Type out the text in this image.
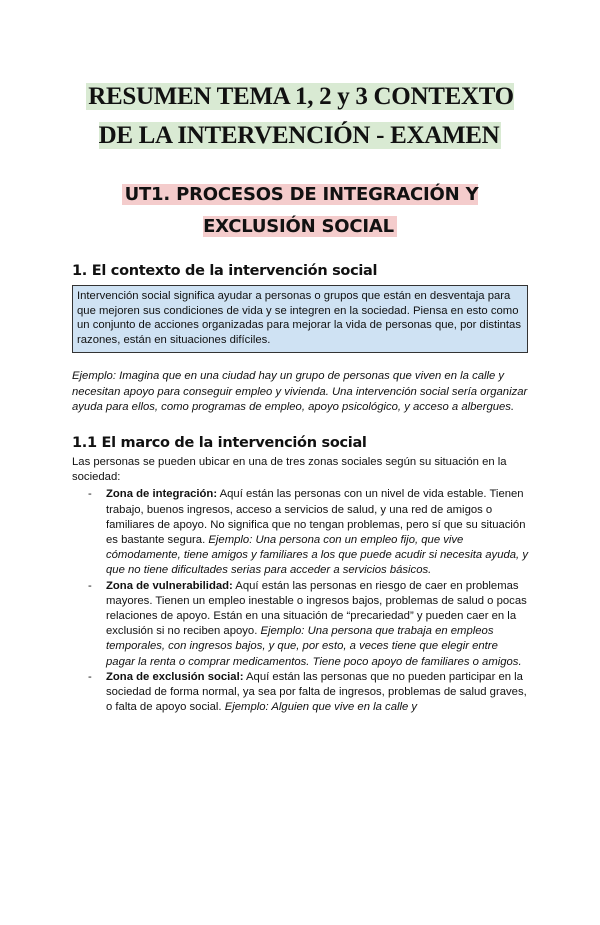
RESUMEN TEMA 1, 2 y 3 CONTEXTO DE LA INTERVENCIÓN - EXAMEN
UT1. PROCESOS DE INTEGRACIÓN Y EXCLUSIÓN SOCIAL
1. El contexto de la intervención social
Intervención social significa ayudar a personas o grupos que están en desventaja para que mejoren sus condiciones de vida y se integren en la sociedad. Piensa en esto como un conjunto de acciones organizadas para mejorar la vida de personas que, por distintas razones, están en situaciones difíciles.

Ejemplo: Imagina que en una ciudad hay un grupo de personas que viven en la calle y necesitan apoyo para conseguir empleo y vivienda. Una intervención social sería organizar ayuda para ellos, como programas de empleo, apoyo psicológico, y acceso a albergues.

1.1 El marco de la intervención social

Las personas se pueden ubicar en una de tres zonas sociales según su situación en la sociedad:

- Zona de integración: Aquí están las personas con un nivel de vida estable. Tienen trabajo, buenos ingresos, acceso a servicios de salud, y una red de amigos o familiares de apoyo. No significa que no tengan problemas, pero sí que su situación es bastante segura. Ejemplo: Una persona con un empleo fijo, que vive cómodamente, tiene amigos y familiares a los que puede acudir si necesita ayuda, y que no tiene dificultades serias para acceder a servicios básicos.
- Zona de vulnerabilidad: Aquí están las personas en riesgo de caer en problemas mayores. Tienen un empleo inestable o ingresos bajos, problemas de salud o pocas relaciones de apoyo. Están en una situación de “precariedad” y pueden caer en la exclusión si no reciben apoyo. Ejemplo: Una persona que trabaja en empleos temporales, con ingresos bajos, y que, por esto, a veces tiene que elegir entre pagar la renta o comprar medicamentos. Tiene poco apoyo de familiares o amigos.
- Zona de exclusión social: Aquí están las personas que no pueden participar en la sociedad de forma normal, ya sea por falta de ingresos, problemas de salud graves, o falta de apoyo social. Ejemplo: Alguien que vive en la calle y
